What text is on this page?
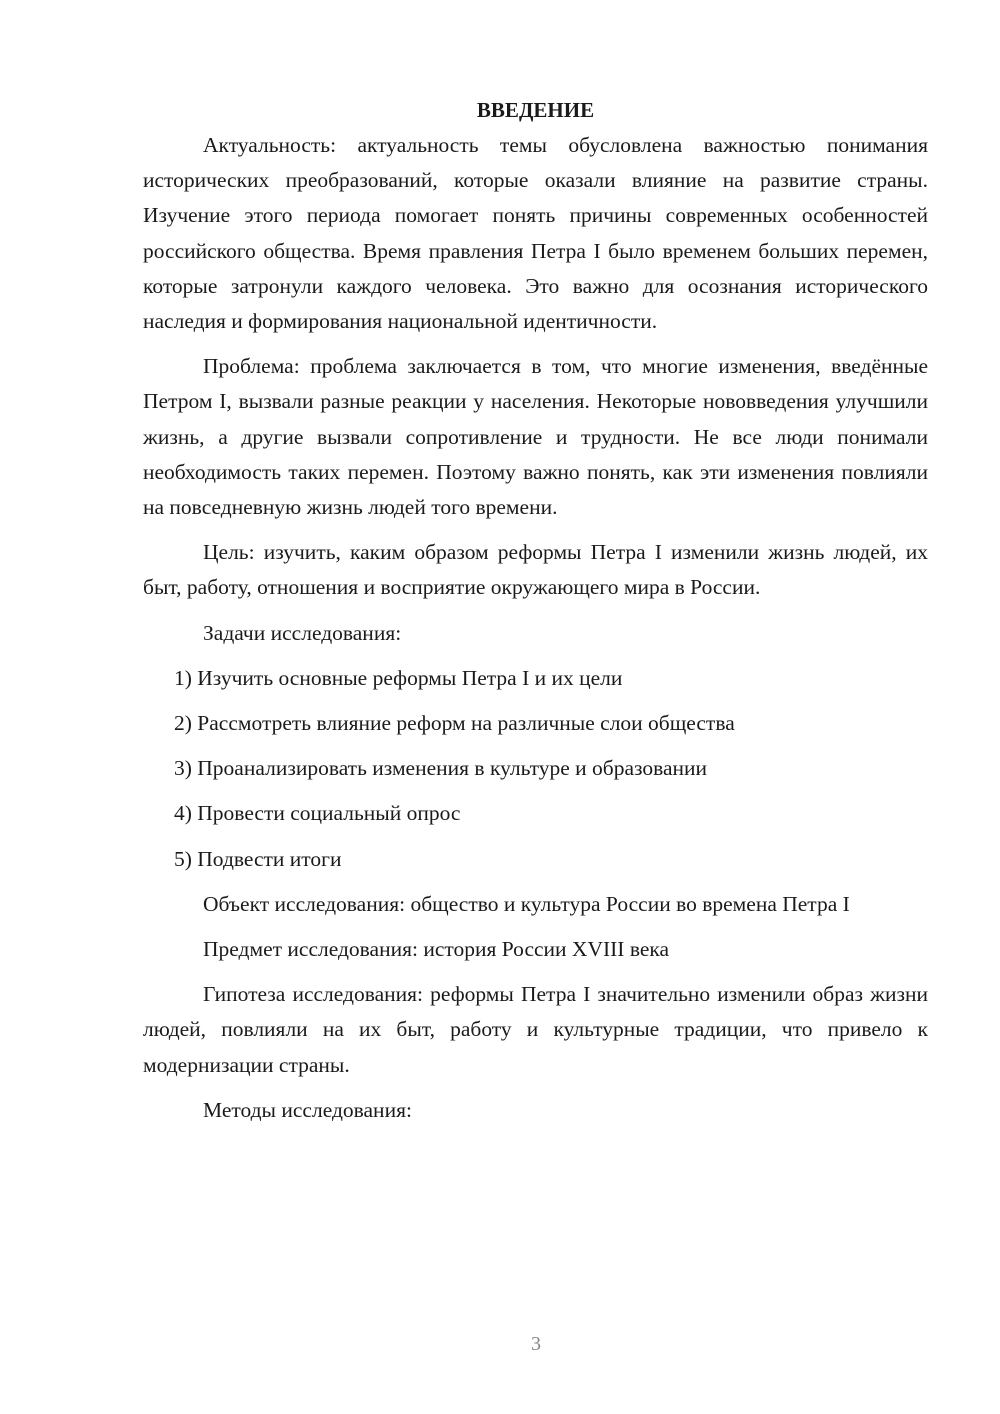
ВВЕДЕНИЕ

Актуальность: актуальность темы обусловлена важностью понимания исторических преобразований, которые оказали влияние на развитие страны. Изучение этого периода помогает понять причины современных особенностей российского общества. Время правления Петра I было временем больших перемен, которые затронули каждого человека. Это важно для осознания исторического наследия и формирования национальной идентичности.

Проблема: проблема заключается в том, что многие изменения, введённые Петром I, вызвали разные реакции у населения. Некоторые нововведения улучшили жизнь, а другие вызвали сопротивление и трудности. Не все люди понимали необходимость таких перемен. Поэтому важно понять, как эти изменения повлияли на повседневную жизнь людей того времени.

Цель: изучить, каким образом реформы Петра I изменили жизнь людей, их быт, работу, отношения и восприятие окружающего мира в России.

Задачи исследования:

1) Изучить основные реформы Петра I и их цели
2) Рассмотреть влияние реформ на различные слои общества
3) Проанализировать изменения в культуре и образовании
4) Провести социальный опрос
5) Подвести итоги

Объект исследования: общество и культура России во времена Петра I

Предмет исследования: история России XVIII века

Гипотеза исследования: реформы Петра I значительно изменили образ жизни людей, повлияли на их быт, работу и культурные традиции, что привело к модернизации страны.

Методы исследования:

3
